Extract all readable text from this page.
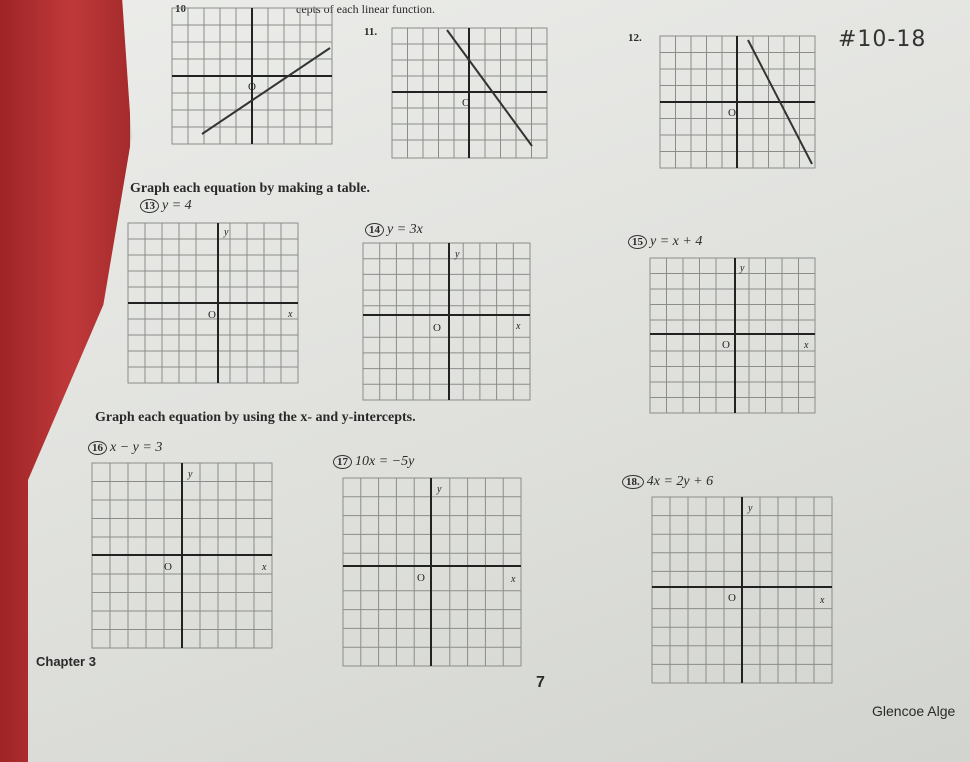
10	cepts of each linear function.
#10-18
O
11.
O
12.
O
Graph each equation by making a table.
13 y = 4
O	x
y	14 y = 3x
O	x
y
15 y = x + 4
O	x
y
Graph each equation by using the x- and y-intercepts.
16 x − y = 3
O	x
y
17 10x = −5y
O	x
y
18. 4x = 2y + 6
O	x
y
Chapter 3
7
Glencoe Alge
